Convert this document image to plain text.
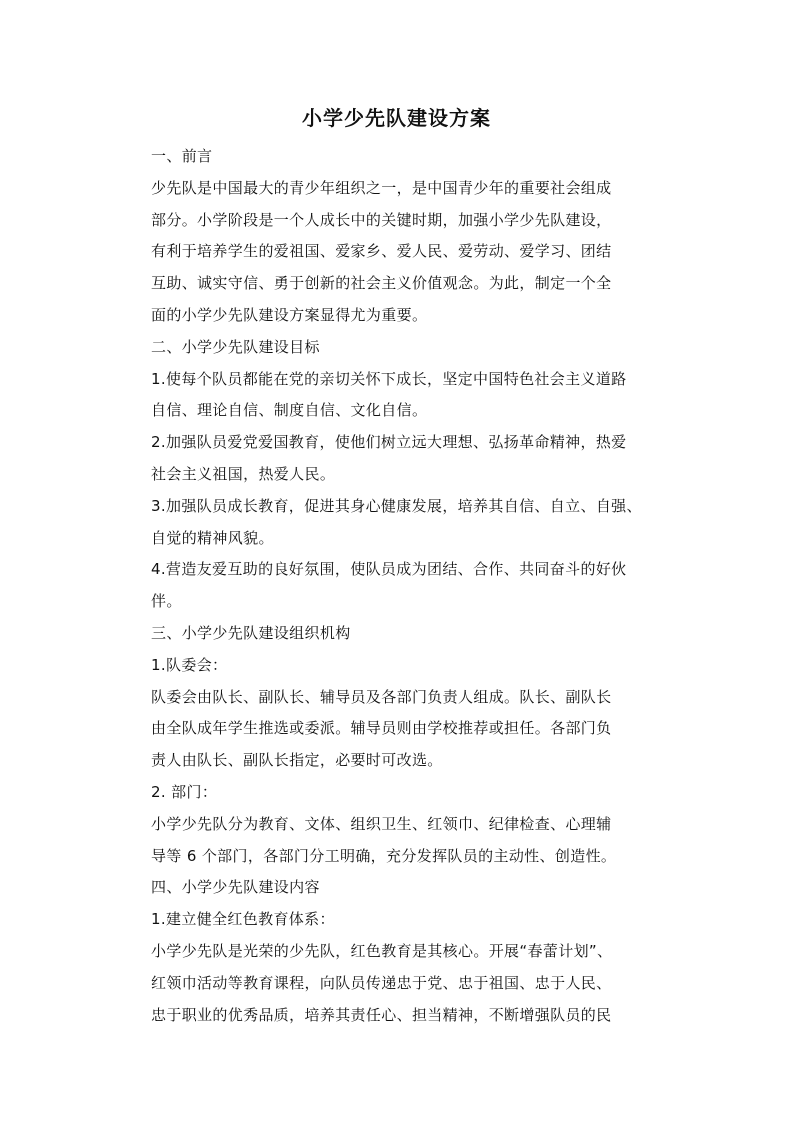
小学少先队建设方案
一、前言
少先队是中国最大的青少年组织之一，是中国青少年的重要社会组成
部分。小学阶段是一个人成长中的关键时期，加强小学少先队建设，
有利于培养学生的爱祖国、爱家乡、爱人民、爱劳动、爱学习、团结
互助、诚实守信、勇于创新的社会主义价值观念。为此，制定一个全
面的小学少先队建设方案显得尤为重要。
二、小学少先队建设目标
1.使每个队员都能在党的亲切关怀下成长，坚定中国特色社会主义道路
自信、理论自信、制度自信、文化自信。
2.加强队员爱党爱国教育，使他们树立远大理想、弘扬革命精神，热爱
社会主义祖国，热爱人民。
3.加强队员成长教育，促进其身心健康发展，培养其自信、自立、自强、
自觉的精神风貌。
4.营造友爱互助的良好氛围，使队员成为团结、合作、共同奋斗的好伙
伴。
三、小学少先队建设组织机构
1.队委会：
队委会由队长、副队长、辅导员及各部门负责人组成。队长、副队长
由全队成年学生推选或委派。辅导员则由学校推荐或担任。各部门负
责人由队长、副队长指定，必要时可改选。
2. 部门：
小学少先队分为教育、文体、组织卫生、红领巾、纪律检查、心理辅
导等 6 个部门，各部门分工明确，充分发挥队员的主动性、创造性。
四、小学少先队建设内容
1.建立健全红色教育体系：
小学少先队是光荣的少先队，红色教育是其核心。开展“春蕾计划”、
红领巾活动等教育课程，向队员传递忠于党、忠于祖国、忠于人民、
忠于职业的优秀品质，培养其责任心、担当精神，不断增强队员的民
